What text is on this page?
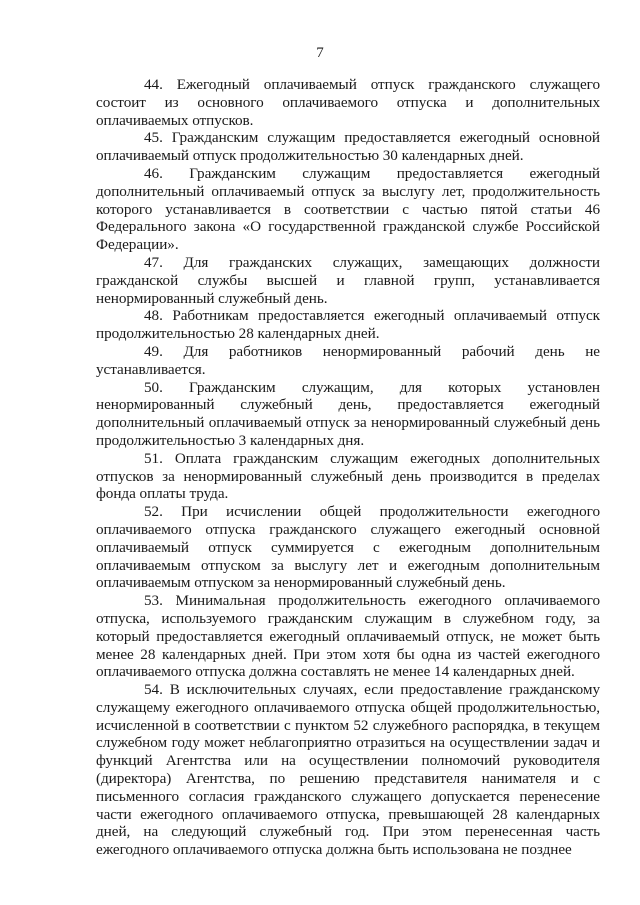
7

44. Ежегодный оплачиваемый отпуск гражданского служащего состоит из основного оплачиваемого отпуска и дополнительных оплачиваемых отпусков.

45. Гражданским служащим предоставляется ежегодный основной оплачиваемый отпуск продолжительностью 30 календарных дней.

46. Гражданским служащим предоставляется ежегодный дополнительный оплачиваемый отпуск за выслугу лет, продолжительность которого устанавливается в соответствии с частью пятой статьи 46 Федерального закона «О государственной гражданской службе Российской Федерации».

47. Для гражданских служащих, замещающих должности гражданской службы высшей и главной групп, устанавливается ненормированный служебный день.

48. Работникам предоставляется ежегодный оплачиваемый отпуск продолжительностью 28 календарных дней.

49. Для работников ненормированный рабочий день не устанавливается.

50. Гражданским служащим, для которых установлен ненормированный служебный день, предоставляется ежегодный дополнительный оплачиваемый отпуск за ненормированный служебный день продолжительностью 3 календарных дня.

51. Оплата гражданским служащим ежегодных дополнительных отпусков за ненормированный служебный день производится в пределах фонда оплаты труда.

52. При исчислении общей продолжительности ежегодного оплачиваемого отпуска гражданского служащего ежегодный основной оплачиваемый отпуск суммируется с ежегодным дополнительным оплачиваемым отпуском за выслугу лет и ежегодным дополнительным оплачиваемым отпуском за ненормированный служебный день.

53. Минимальная продолжительность ежегодного оплачиваемого отпуска, используемого гражданским служащим в служебном году, за который предоставляется ежегодный оплачиваемый отпуск, не может быть менее 28 календарных дней. При этом хотя бы одна из частей ежегодного оплачиваемого отпуска должна составлять не менее 14 календарных дней.

54. В исключительных случаях, если предоставление гражданскому служащему ежегодного оплачиваемого отпуска общей продолжительностью, исчисленной в соответствии с пунктом 52 служебного распорядка, в текущем служебном году может неблагоприятно отразиться на осуществлении задач и функций Агентства или на осуществлении полномочий руководителя (директора) Агентства, по решению представителя нанимателя и с письменного согласия гражданского служащего допускается перенесение части ежегодного оплачиваемого отпуска, превышающей 28 календарных дней, на следующий служебный год. При этом перенесенная часть ежегодного оплачиваемого отпуска должна быть использована не позднее
